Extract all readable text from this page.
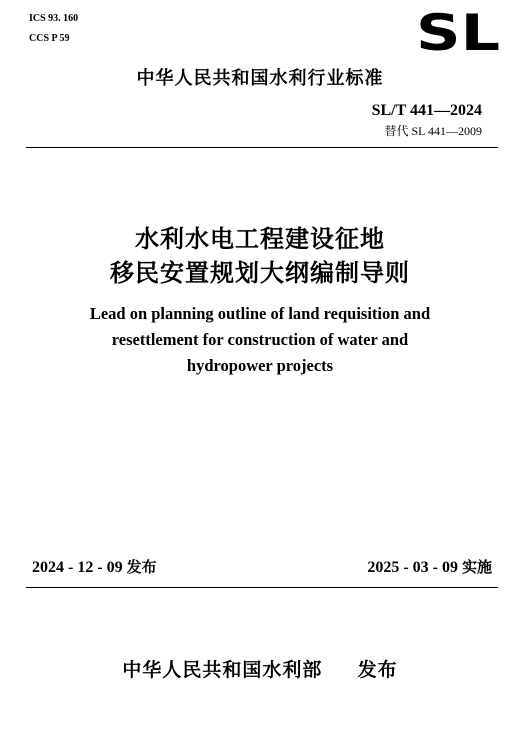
ICS 93. 160
CCS P 59	SL
中华人民共和国水利行业标准
SL/T 441—2024
替代 SL 441—2009
水利水电工程建设征地
移民安置规划大纲编制导则
Lead on planning outline of land requisition and
resettlement for construction of water and
hydropower projects
2024 - 12 - 09 发布	2025 - 03 - 09 实施
中华人民共和国水利部 发布
